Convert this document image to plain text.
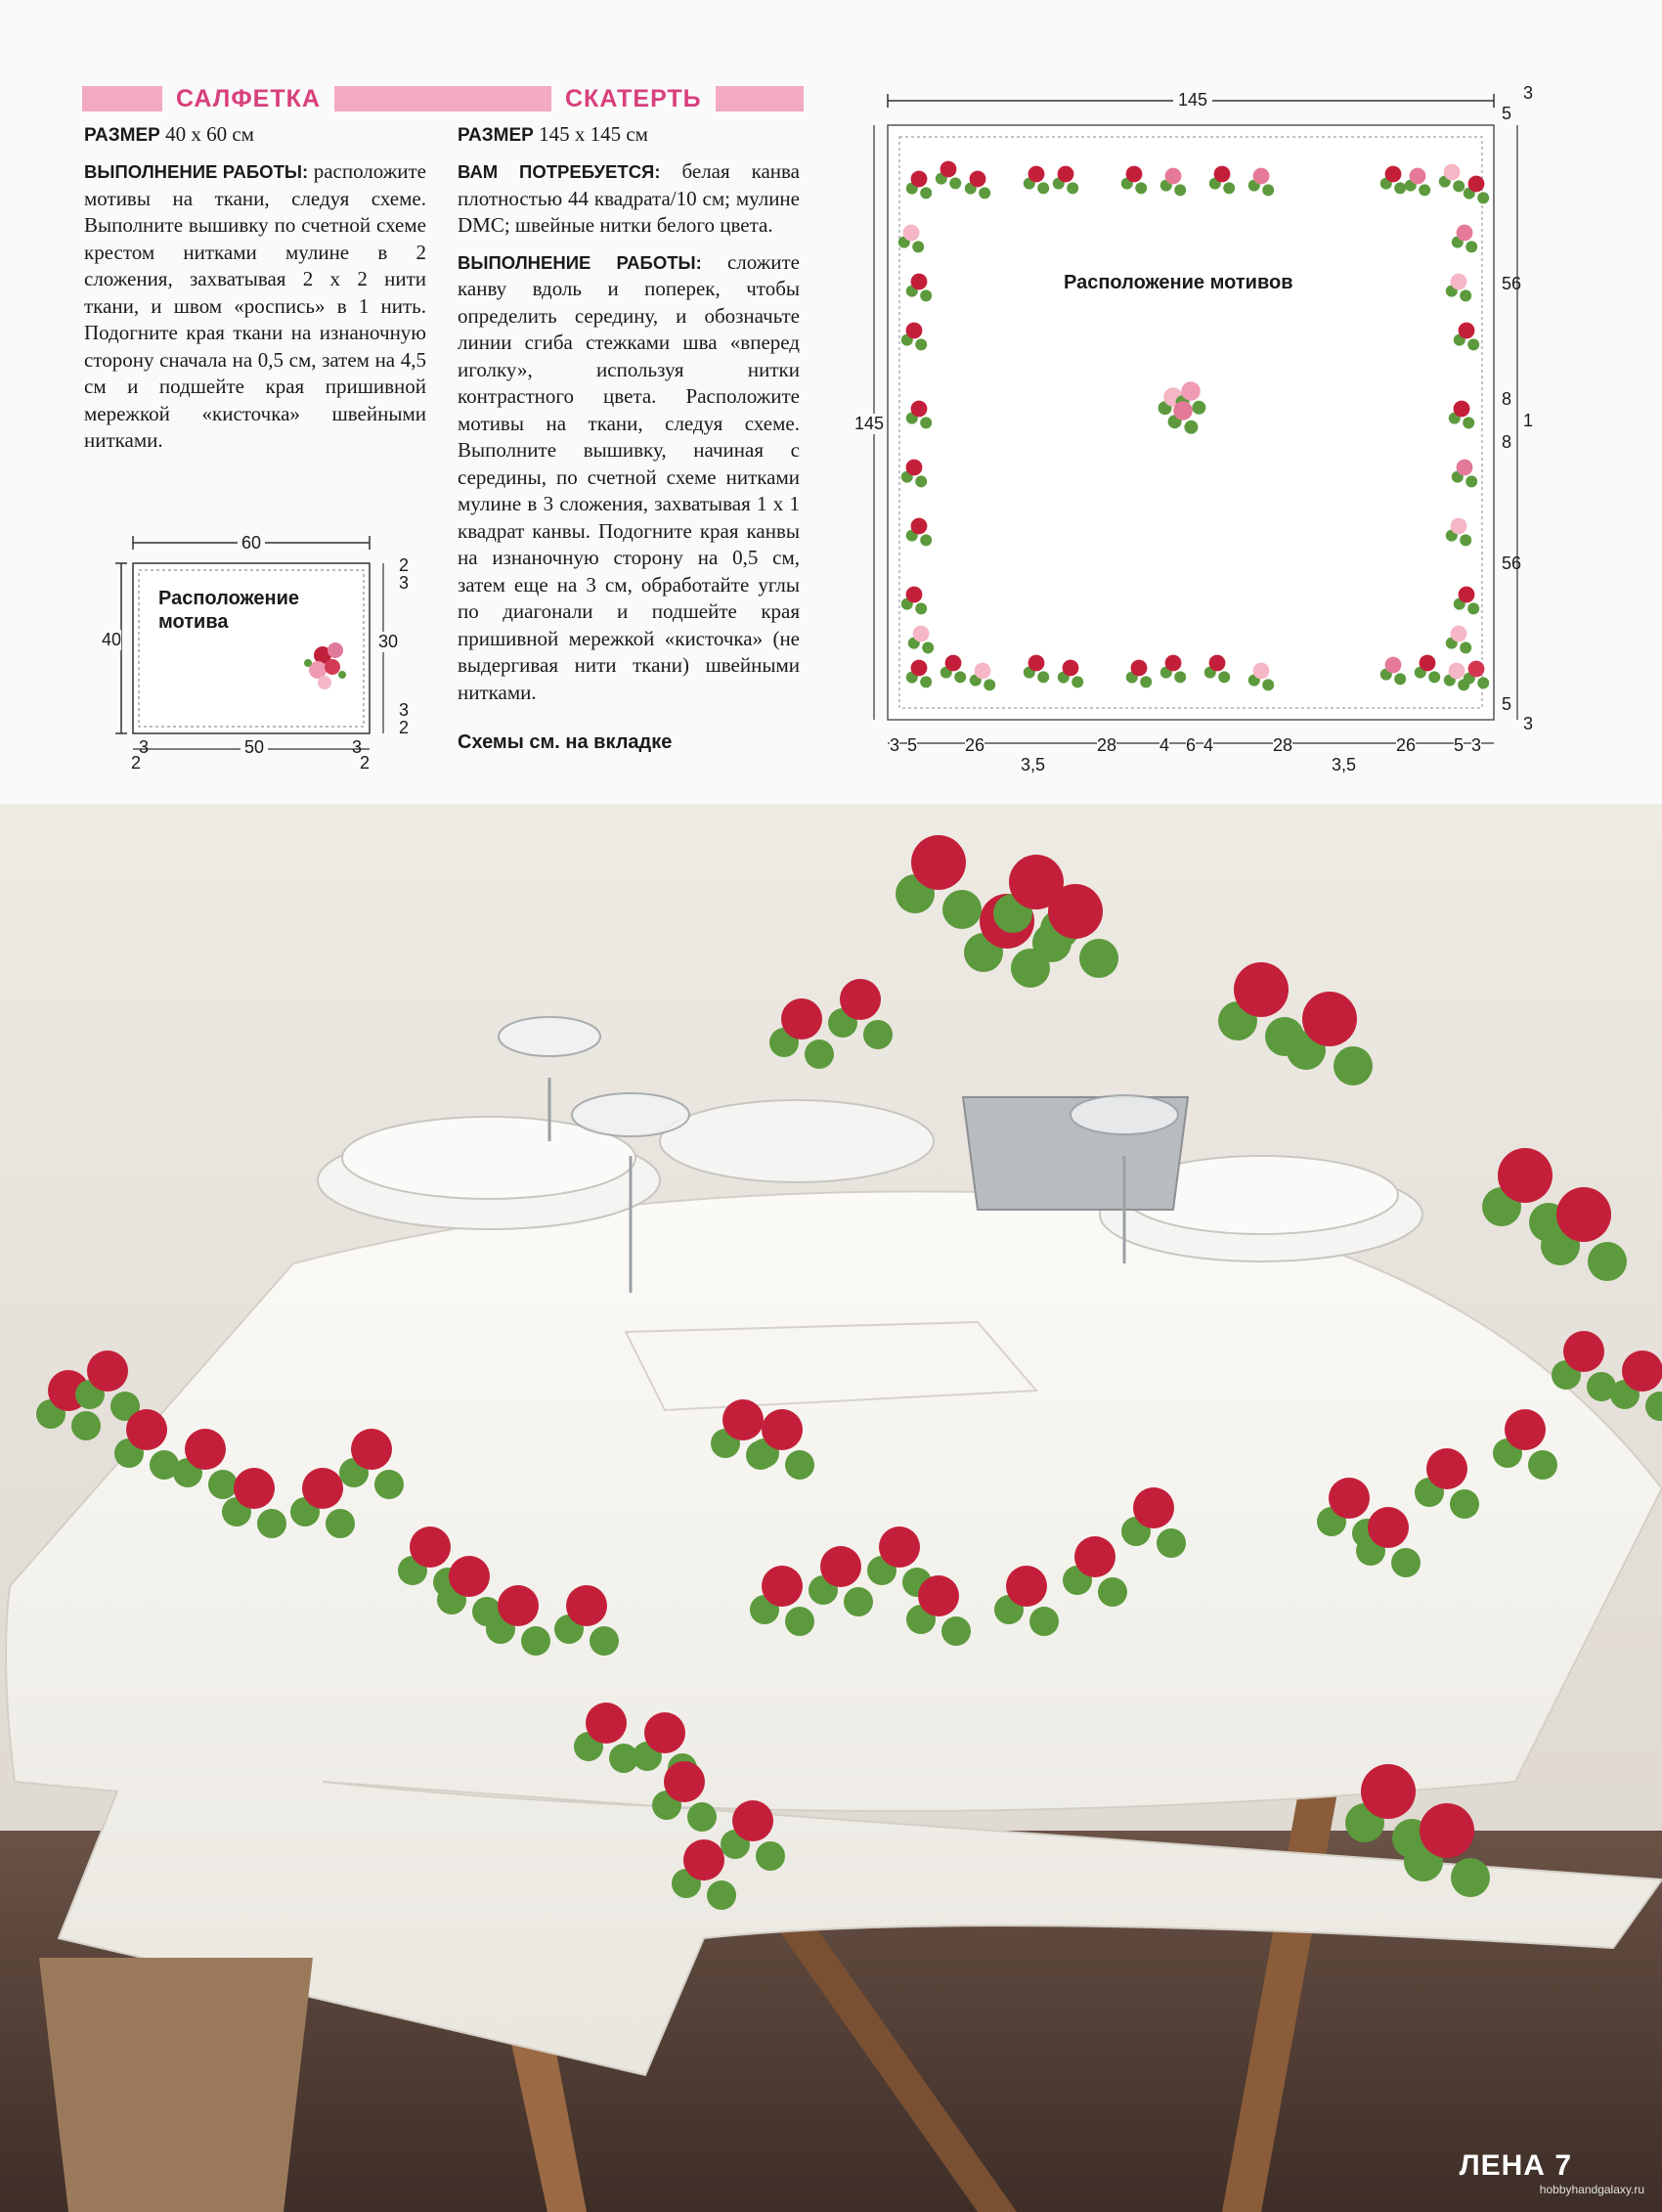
САЛФЕТКА	СКАТЕРТЬ
РАЗМЕР 40 х 60 см
ВЫПОЛНЕНИЕ РАБОТЫ: расположите мотивы на ткани, следуя схеме. Выполните вышивку по счетной схеме крестом нитками мулине в 2 сложения, захватывая 2 х 2 нити ткани, и швом «роспись» в 1 нить. Подогните края ткани на изнаночную сторону сначала на 0,5 см, затем на 4,5 см и подшейте края пришивной мережкой «кисточка» швейными нитками.
РАЗМЕР 145 х 145 см
ВАМ ПОТРЕБУЕТСЯ: белая канва плотностью 44 квадрата/10 см; мулине DMC; швейные нитки белого цвета.
ВЫПОЛНЕНИЕ РАБОТЫ: сложите канву вдоль и поперек, чтобы определить середину, и обозначьте линии сгиба стежками шва «вперед иголку», используя нитки контрастного цвета. Расположите мотивы на ткани, следуя схеме. Выполните вышивку, начиная с середины, по счетной схеме нитками мулине в 3 сложения, захватывая 1 х 1 квадрат канвы. Подогните края канвы на изнаночную сторону на 0,5 см, затем еще на 3 см, обработайте углы по диагонали и подшейте края пришивной мережкой «кисточка» (не выдергивая нити ткани) швейными нитками.
Схемы см. на вкладке
60
40	30
2
3
3
2
3	50	3
2	2
Расположение мотива
Расположение мотивов
145
145
3
5
56
8
1
8
56
5
3
3 5	26
3,5
28 4 6 4	28
3,5
26 5 3
ЛЕНА 7
hobbyhandgalaxy.ru
